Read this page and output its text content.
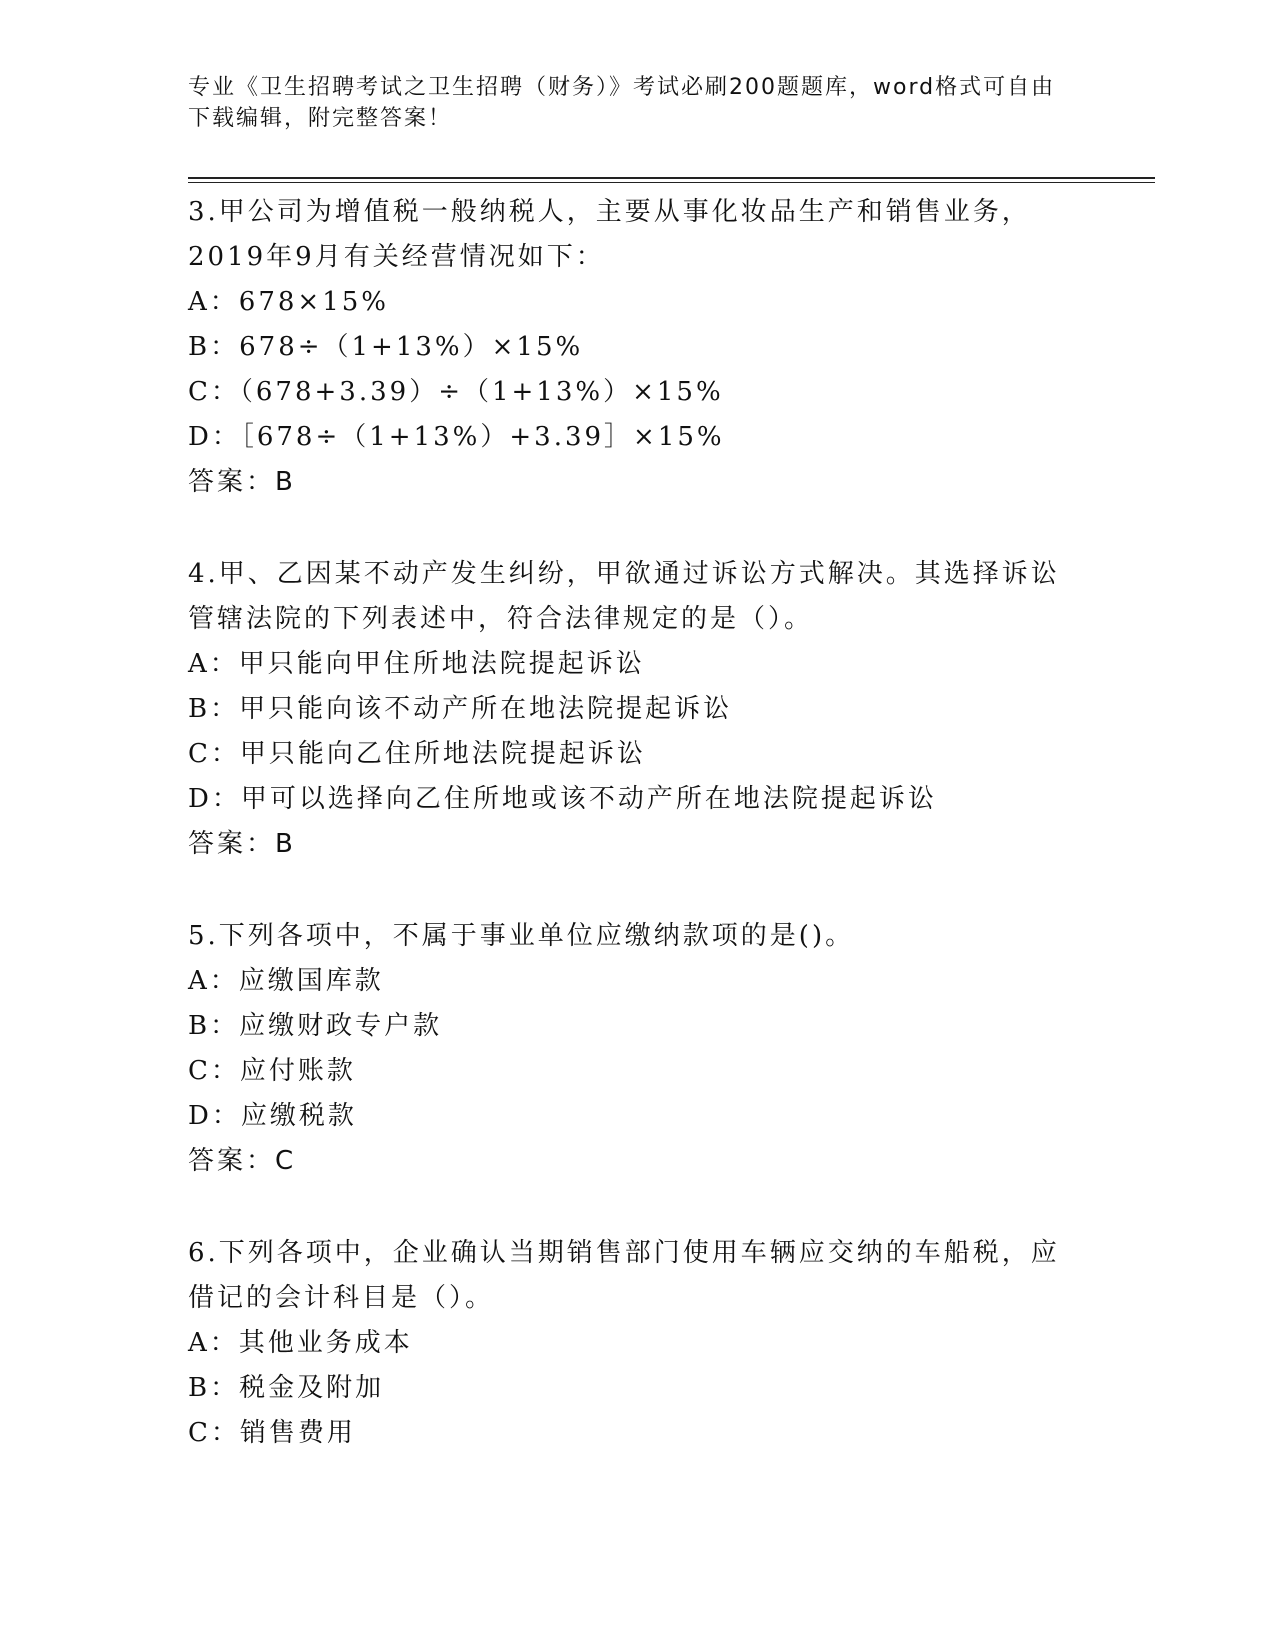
专业《卫生招聘考试之卫生招聘（财务）》考试必刷200题题库，word格式可自由下载编辑，附完整答案！
3.甲公司为增值税一般纳税人，主要从事化妆品生产和销售业务，2019年9月有关经营情况如下：
A：678×15%
B：678÷（1+13%）×15%
C：（678+3.39）÷（1+13%）×15%
D：［678÷（1+13%）+3.39］×15%
答案：B
4.甲、乙因某不动产发生纠纷，甲欲通过诉讼方式解决。其选择诉讼管辖法院的下列表述中，符合法律规定的是（）。
A：甲只能向甲住所地法院提起诉讼
B：甲只能向该不动产所在地法院提起诉讼
C：甲只能向乙住所地法院提起诉讼
D：甲可以选择向乙住所地或该不动产所在地法院提起诉讼
答案：B
5.下列各项中，不属于事业单位应缴纳款项的是()。
A：应缴国库款
B：应缴财政专户款
C：应付账款
D：应缴税款
答案：C
6.下列各项中，企业确认当期销售部门使用车辆应交纳的车船税，应借记的会计科目是（）。
A：其他业务成本
B：税金及附加
C：销售费用
